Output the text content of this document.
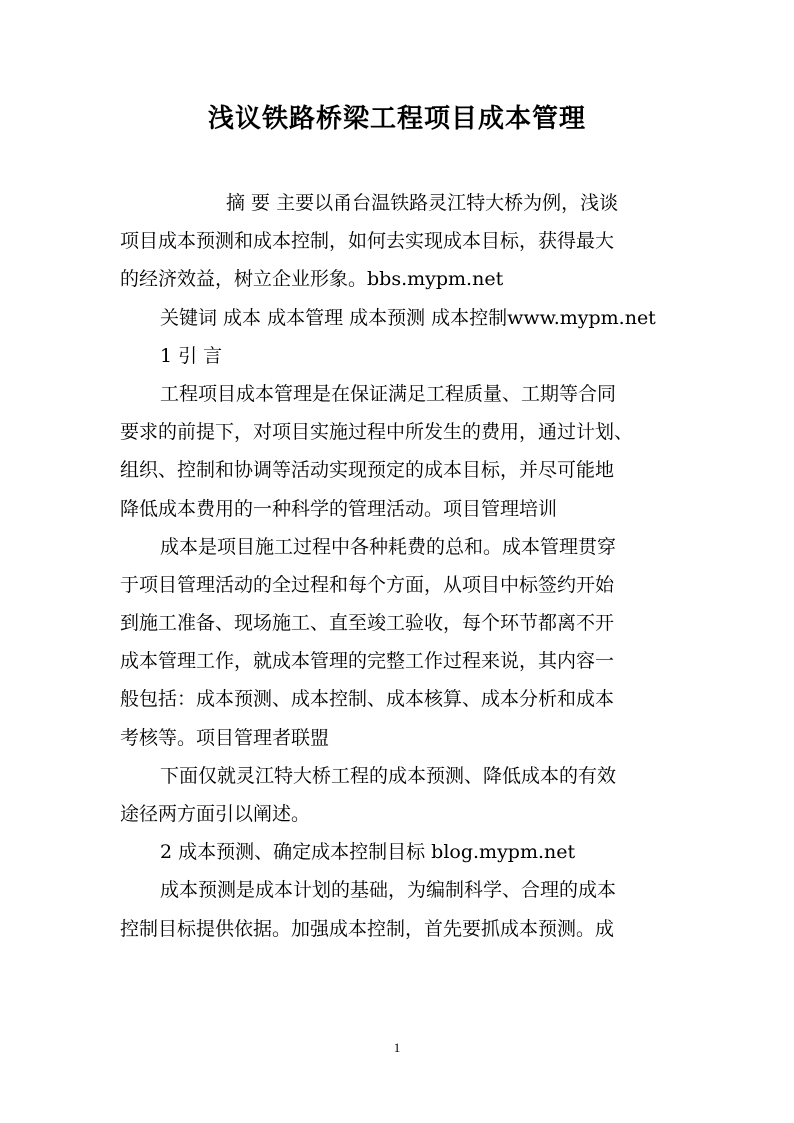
浅议铁路桥梁工程项目成本管理

摘 要 主要以甬台温铁路灵江特大桥为例，浅谈
项目成本预测和成本控制，如何去实现成本目标，获得最大
的经济效益，树立企业形象。bbs.mypm.net

关键词 成本 成本管理 成本预测 成本控制www.mypm.net

1 引 言

工程项目成本管理是在保证满足工程质量、工期等合同
要求的前提下，对项目实施过程中所发生的费用，通过计划、
组织、控制和协调等活动实现预定的成本目标，并尽可能地
降低成本费用的一种科学的管理活动。项目管理培训

成本是项目施工过程中各种耗费的总和。成本管理贯穿
于项目管理活动的全过程和每个方面，从项目中标签约开始
到施工准备、现场施工、直至竣工验收，每个环节都离不开
成本管理工作，就成本管理的完整工作过程来说，其内容一
般包括：成本预测、成本控制、成本核算、成本分析和成本
考核等。项目管理者联盟

下面仅就灵江特大桥工程的成本预测、降低成本的有效
途径两方面引以阐述。

2 成本预测、确定成本控制目标 blog.mypm.net

成本预测是成本计划的基础，为编制科学、合理的成本
控制目标提供依据。加强成本控制，首先要抓成本预测。成

1
